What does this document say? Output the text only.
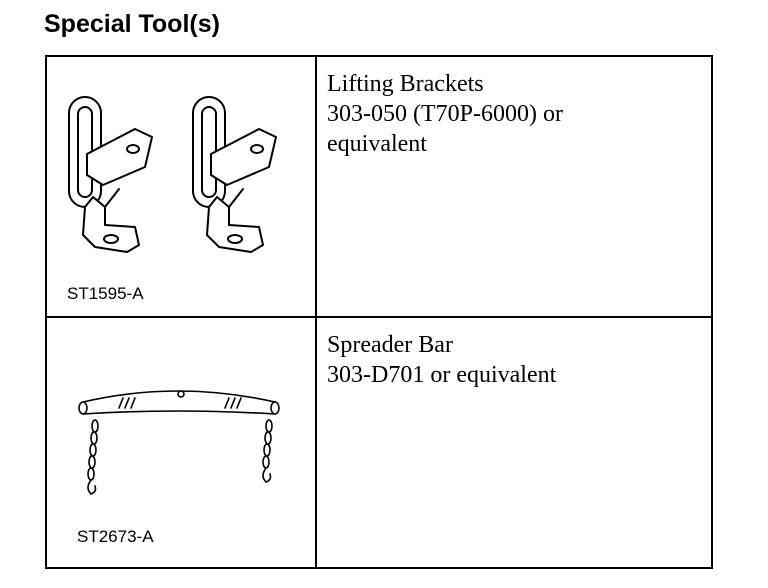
Special Tool(s)
ST1595-A
Lifting Brackets
303-050 (T70P-6000) or
equivalent
ST2673-A
Spreader Bar
303-D701 or equivalent
